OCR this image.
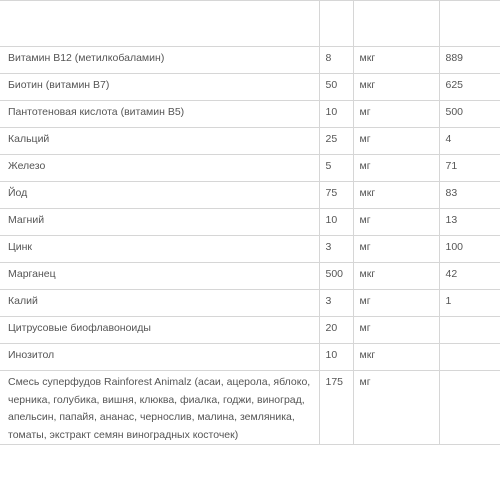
Витамин B12 (метилкобаламин)	8	мкг	889
Биотин (витамин B7)	50	мкг	625
Пантотеновая кислота (витамин B5)	10	мг	500
Кальций	25	мг	4
Железо	5	мг	71
Йод	75	мкг	83
Магний	10	мг	13
Цинк	3	мг	100
Марганец	500	мкг	42
Калий	3	мг	1
Цитрусовые биофлавоноиды	20	мг	
Инозитол	10	мкг	
Смесь суперфудов Rainforest Animalz (асаи, ацерола, яблоко, черника, голубика, вишня, клюква, фиалка, годжи, виноград, апельсин, папайя, ананас, чернослив, малина, земляника, томаты, экстракт семян виноградных косточек)	175	мг	
